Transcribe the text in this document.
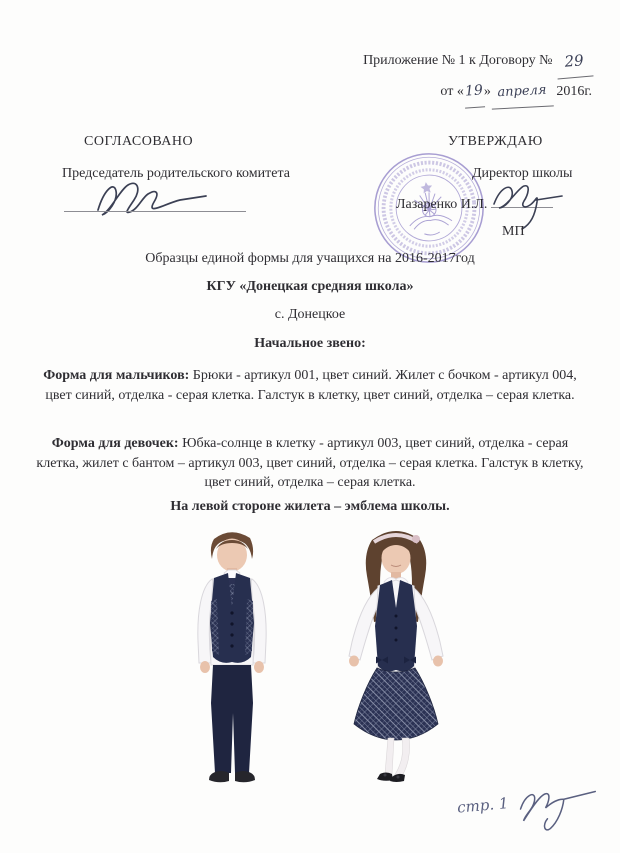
Приложение № 1 к Договору № 29
от «19» апреля 2016г.
СОГЛАСОВАНО	УТВЕРЖДАЮ
Председатель родительского комитета	Директор школы
Лазаренко И.Л.
МП
Образцы единой формы для учащихся на 2016-2017год
КГУ «Донецкая средняя школа»
с. Донецкое
Начальное звено:

Форма для мальчиков: Брюки - артикул 001, цвет синий. Жилет с бочком - артикул 004, цвет синий, отделка - серая клетка. Галстук в клетку, цвет синий, отделка – серая клетка.

Форма для девочек: Юбка-солнце в клетку - артикул 003, цвет синий, отделка - серая клетка, жилет с бантом – артикул 003, цвет синий, отделка – серая клетка. Галстук в клетку, цвет синий, отделка – серая клетка.

На левой стороне жилета – эмблема школы.
стр. 1
